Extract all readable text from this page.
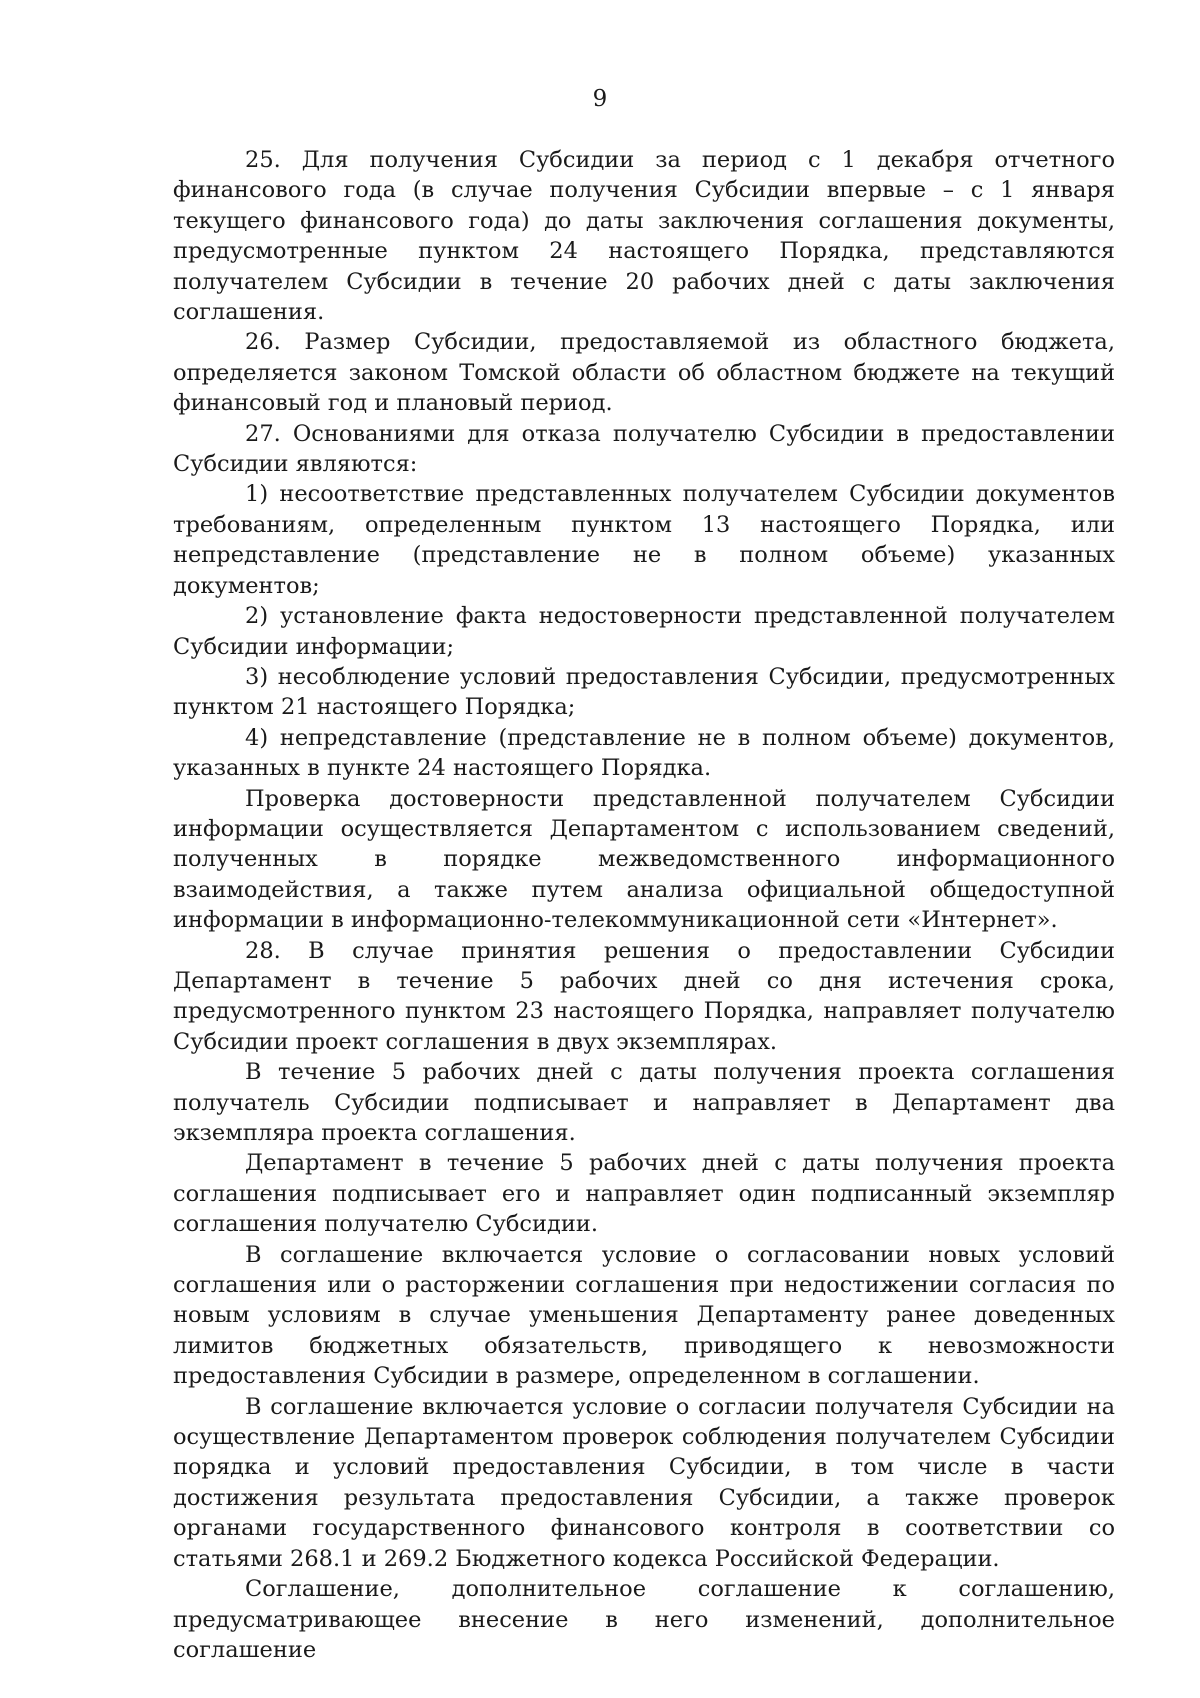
9

25. Для получения Субсидии за период с 1 декабря отчетного финансового года (в случае получения Субсидии впервые – с 1 января текущего финансового года) до даты заключения соглашения документы, предусмотренные пунктом 24 настоящего Порядка, представляются получателем Субсидии в течение 20 рабочих дней с даты заключения соглашения.

26. Размер Субсидии, предоставляемой из областного бюджета, определяется законом Томской области об областном бюджете на текущий финансовый год и плановый период.

27. Основаниями для отказа получателю Субсидии в предоставлении Субсидии являются:

1) несоответствие представленных получателем Субсидии документов требованиям, определенным пунктом 13 настоящего Порядка, или непредставление (представление не в полном объеме) указанных документов;

2) установление факта недостоверности представленной получателем Субсидии информации;

3) несоблюдение условий предоставления Субсидии, предусмотренных пунктом 21 настоящего Порядка;

4) непредставление (представление не в полном объеме) документов, указанных в пункте 24 настоящего Порядка.

Проверка достоверности представленной получателем Субсидии информации осуществляется Департаментом с использованием сведений, полученных в порядке межведомственного информационного взаимодействия, а также путем анализа официальной общедоступной информации в информационно-телекоммуникационной сети «Интернет».

28. В случае принятия решения о предоставлении Субсидии Департамент в течение 5 рабочих дней со дня истечения срока, предусмотренного пунктом 23 настоящего Порядка, направляет получателю Субсидии проект соглашения в двух экземплярах.

В течение 5 рабочих дней с даты получения проекта соглашения получатель Субсидии подписывает и направляет в Департамент два экземпляра проекта соглашения.

Департамент в течение 5 рабочих дней с даты получения проекта соглашения подписывает его и направляет один подписанный экземпляр соглашения получателю Субсидии.

В соглашение включается условие о согласовании новых условий соглашения или о расторжении соглашения при недостижении согласия по новым условиям в случае уменьшения Департаменту ранее доведенных лимитов бюджетных обязательств, приводящего к невозможности предоставления Субсидии в размере, определенном в соглашении.

В соглашение включается условие о согласии получателя Субсидии на осуществление Департаментом проверок соблюдения получателем Субсидии порядка и условий предоставления Субсидии, в том числе в части достижения результата предоставления Субсидии, а также проверок органами государственного финансового контроля в соответствии со статьями 268.1 и 269.2 Бюджетного кодекса Российской Федерации.

Соглашение, дополнительное соглашение к соглашению, предусматривающее внесение в него изменений, дополнительное соглашение
